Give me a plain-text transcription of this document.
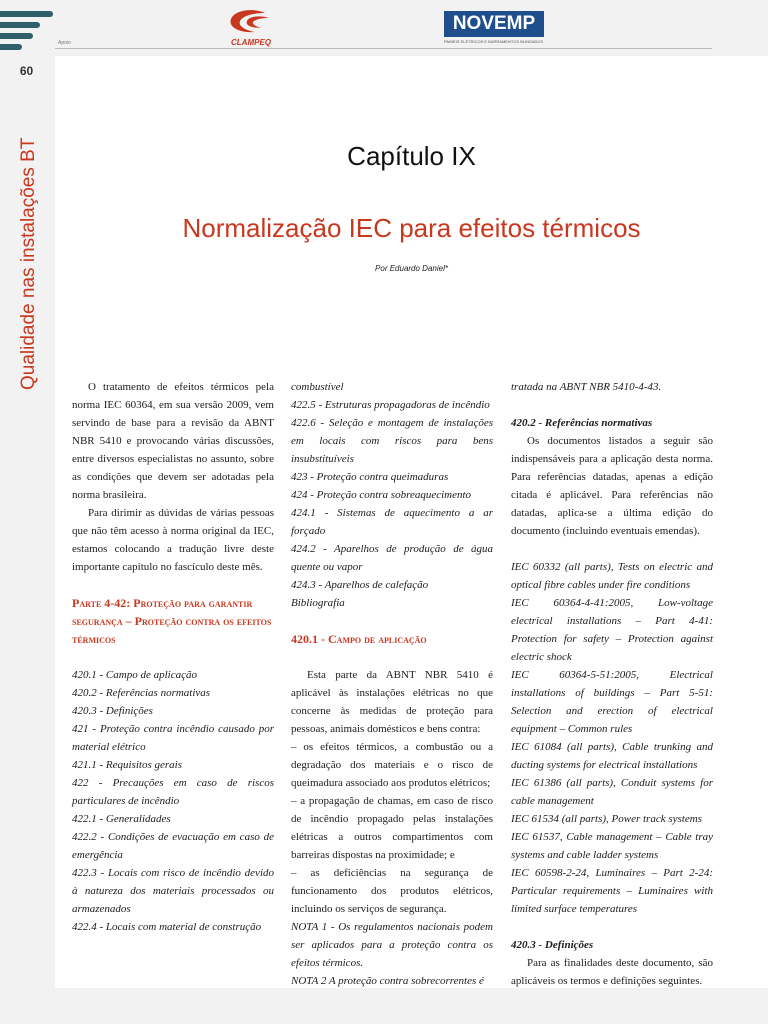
60
Qualidade nas instalações BT
Apoio	CLAMPEQ
NOVEMP
PAINÉIS ELÉTRICOS E BARRAMENTOS BLINDADOS
Capítulo IX
Normalização IEC para efeitos térmicos
Por Eduardo Daniel*

O tratamento de efeitos térmicos pela norma IEC 60364, em sua versão 2009, vem servindo de base para a revisão da ABNT NBR 5410 e provocando várias discussões, entre diversos especialistas no assunto, sobre as condições que devem ser adotadas pela norma brasileira.

Para dirimir as dúvidas de várias pessoas que não têm acesso à norma original da IEC, estamos colocando a tradução livre deste importante capítulo no fascículo deste mês.

Parte 4-42: Proteção para garantir segurança – Proteção contra os efeitos térmicos

420.1 - Campo de aplicação

420.2 - Referências normativas

420.3 - Definições

421 - Proteção contra incêndio causado por material elétrico

421.1 - Requisitos gerais

422 - Precauções em caso de riscos particulares de incêndio

422.1 - Generalidades

422.2 - Condições de evacuação em caso de emergência

422.3 - Locais com risco de incêndio devido à natureza dos materiais processados ou armazenados

422.4 - Locais com material de construção

combustível

422.5 - Estruturas propagadoras de incêndio

422.6 - Seleção e montagem de instalações em locais com riscos para bens insubstituíveis

423 - Proteção contra queimaduras

424 - Proteção contra sobreaquecimento

424.1 - Sistemas de aquecimento a ar forçado

424.2 - Aparelhos de produção de água quente ou vapor

424.3 - Aparelhos de calefação

Bibliografia

420.1 - Campo de aplicação

Esta parte da ABNT NBR 5410 é aplicável às instalações elétricas no que concerne às medidas de proteção para pessoas, animais domésticos e bens contra:

– os efeitos térmicos, a combustão ou a degradação dos materiais e o risco de queimadura associado aos produtos elétricos;

– a propagação de chamas, em caso de risco de incêndio propagado pelas instalações elétricas a outros compartimentos com barreiras dispostas na proximidade; e

– as deficiências na segurança de funcionamento dos produtos elétricos, incluindo os serviços de segurança.

NOTA 1 - Os regulamentos nacionais podem ser aplicados para a proteção contra os efeitos térmicos.

NOTA 2 A proteção contra sobrecorrentes é

tratada na ABNT NBR 5410-4-43.

420.2 - Referências normativas

Os documentos listados a seguir são indispensáveis para a aplicação desta norma. Para referências datadas, apenas a edição citada é aplicável. Para referências não datadas, aplica-se a última edição do documento (incluindo eventuais emendas).

IEC 60332 (all parts), Tests on electric and optical fibre cables under fire conditions

IEC 60364-4-41:2005, Low-voltage electrical installations – Part 4-41: Protection for safety – Protection against electric shock

IEC 60364-5-51:2005, Electrical installations of buildings – Part 5-51: Selection and erection of electrical equipment – Common rules

IEC 61084 (all parts), Cable trunking and ducting systems for electrical installations

IEC 61386 (all parts), Conduit systems for cable management

IEC 61534 (all parts), Power track systems

IEC 61537, Cable management – Cable tray systems and cable ladder systems

IEC 60598-2-24, Luminaires – Part 2-24: Particular requirements – Luminaires with limited surface temperatures

420.3 - Definições

Para as finalidades deste documento, são aplicáveis os termos e definições seguintes.
